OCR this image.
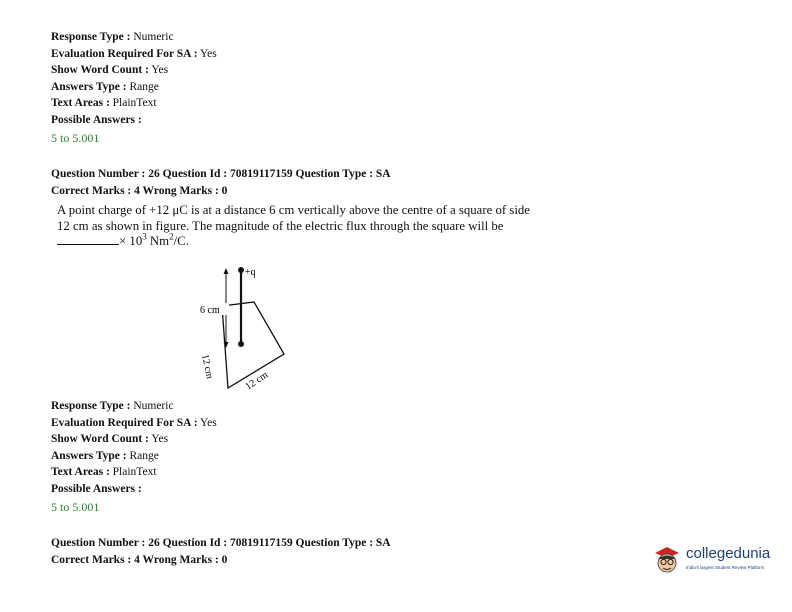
Response Type : Numeric
Evaluation Required For SA : Yes
Show Word Count : Yes
Answers Type : Range
Text Areas : PlainText
Possible Answers :
5 to 5.001
Question Number : 26 Question Id : 70819117159 Question Type : SA
Correct Marks : 4 Wrong Marks : 0
A point charge of +12 μC is at a distance 6 cm vertically above the centre of a square of side
12 cm as shown in figure. The magnitude of the electric flux through the square will be
× $10^3$ $Nm^2/C$.
+q
6 cm
12 cm
12 cm
Response Type : Numeric
Evaluation Required For SA : Yes
Show Word Count : Yes
Answers Type : Range
Text Areas : PlainText
Possible Answers :
5 to 5.001
Question Number : 26 Question Id : 70819117159 Question Type : SA
Correct Marks : 4 Wrong Marks : 0	collegedunia
India's largest Student Review Platform
